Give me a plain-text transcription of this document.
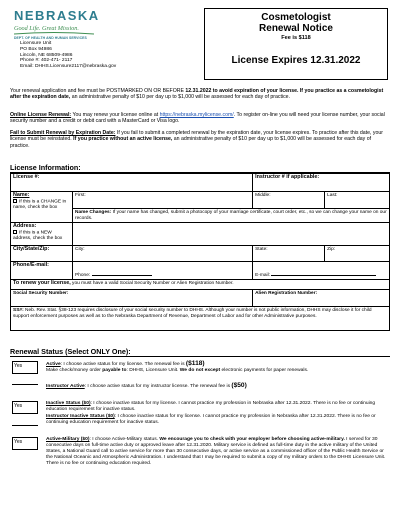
NEBRASKA
Good Life. Great Mission.
DEPT. OF HEALTH AND HUMAN SERVICES
Licensure Unit
PO Box 94986
Lincoln, NE 68509-4986
Phone #: 402-471- 2117
Email: DHHS.Licensure2117@nebraska.gov
Cosmetologist
Renewal Notice
Fee is $118
License Expires 12.31.2022
Your renewal application and fee must be POSTMARKED ON OR BEFORE 12.31.2022 to avoid expiration of your license. If you practice as a cosmetologist after the expiration date, an administrative penalty of $10 per day up to $1,000 will be assessed for each day of practice.
Online License Renewal: You may renew your license online at https://nebraska.mylicense.com/. To register on-line you will need your license number, your social security number and a credit or debit card with a MasterCard or Visa logo.
Fail to Submit Renewal by Expiration Date: If you fail to submit a completed renewal by the expiration date, your license expires. To practice after this date, your license must be reinstated. If you practice without an active license, an administrative penalty of $10 per day up to $1,000 will be assessed for each day of practice.
License Information:
License #:		Instructor # if applicable:	

Name:
If this is a CHANGE in name, check the box	First:	Middle:	Last:
	Name Changes: If your name has changed, submit a photocopy of your marriage certificate, court order, etc., so we can change your name on our records.		

Address:
If this is a NEW address, check the box			

City/State/Zip:	City:	State:	Zip:
Phone/E-mail:	Phone:	E-mail:	
To renew your license, you must have a valid Social Security Number or Alien Registration Number.			
Social Security Number:		Alien Registration Number:	
SS#: Neb. Rev. Stat. §38-123 requires disclosure of your social security number to DHHS. Although your number is not public information, DHHS may disclose it for child support enforcement purposes as well as to the Nebraska Department of Revenue, Department of Labor and for other Administrative purposes.			
Renewal Status (Select ONLY One):
Yes	Active: I choose active status for my license. The renewal fee is ($118)
Make check/money order payable to: DHHS, Licensure Unit. We do not except electronic payments for paper renewals.
Instructor Active: I choose active status for my instructor license. The renewal fee is ($50)
Yes	Inactive Status ($0): I choose inactive status for my license. I cannot practice my profession in Nebraska after 12.31.2022. There is no fee or continuing education requirement for inactive status.
Instructor Inactive Status ($0): I choose inactive status for my license. I cannot practice my profession in Nebraska after 12.31.2022. There is no fee or continuing education requirement for inactive status.
Yes	Active-Military ($0): I choose Active-Military status. We encourage you to check with your employer before choosing active-military. I served for 30 consecutive days on full-time active duty or approved leave after 12.31.2020. Military service is defined as full-time duty in the active military of the United States, a National Guard call to active service for more than 30 consecutive days, or active service as a commissioned officer of the Public Health Service or the National Oceanic and Atmospheric Administration. I understand that I may be required to submit a copy of my military orders to the DHHS Licensure Unit. There is no fee or continuing education required.
